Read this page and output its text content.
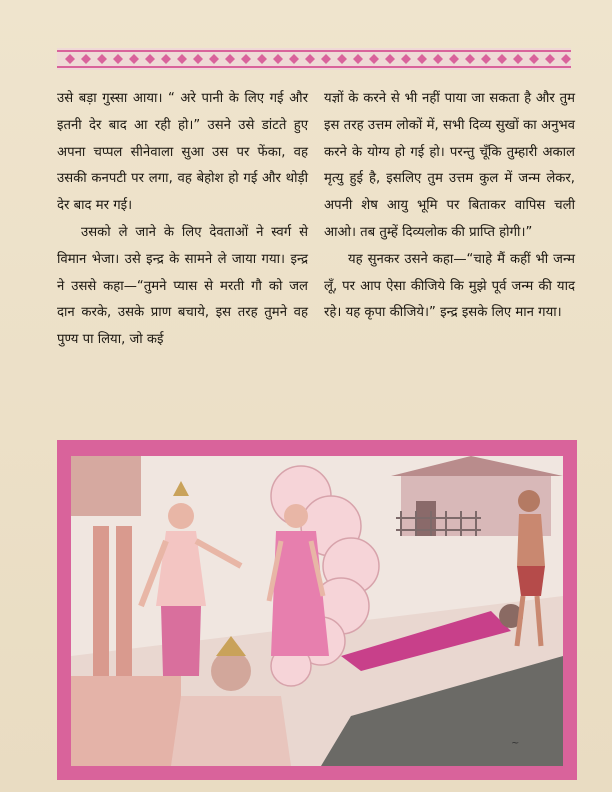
उसे बड़ा गुस्सा आया। “ अरे पानी के लिए गई और इतनी देर बाद आ रही हो।” उसने उसे डांटते हुए अपना चप्पल सीनेवाला सुआ उस पर फेंका, वह उसकी कनपटी पर लगा, वह बेहोश हो गई और थोड़ी देर बाद मर गई।

उसको ले जाने के लिए देवताओं ने स्वर्ग से विमान भेजा। उसे इन्द्र के सामने ले जाया गया। इन्द्र ने उससे कहा—“तुमने प्यास से मरती गौ को जल दान करके, उसके प्राण बचाये, इस तरह तुमने वह पुण्य पा लिया, जो कई

यज्ञों के करने से भी नहीं पाया जा सकता है और तुम इस तरह उत्तम लोकों में, सभी दिव्य सुखों का अनुभव करने के योग्य हो गई हो। परन्तु चूँकि तुम्हारी अकाल मृत्यु हुई है, इसलिए तुम उत्तम कुल में जन्म लेकर, अपनी शेष आयु भूमि पर बिताकर वापिस चली आओ। तब तुम्हें दिव्यलोक की प्राप्ति होगी।”

यह सुनकर उसने कहा—“चाहे मैं कहीं भी जन्म लूँ, पर आप ऐसा कीजिये कि मुझे पूर्व जन्म की याद रहे। यह कृपा कीजिये।” इन्द्र इसके लिए मान गया।

~
